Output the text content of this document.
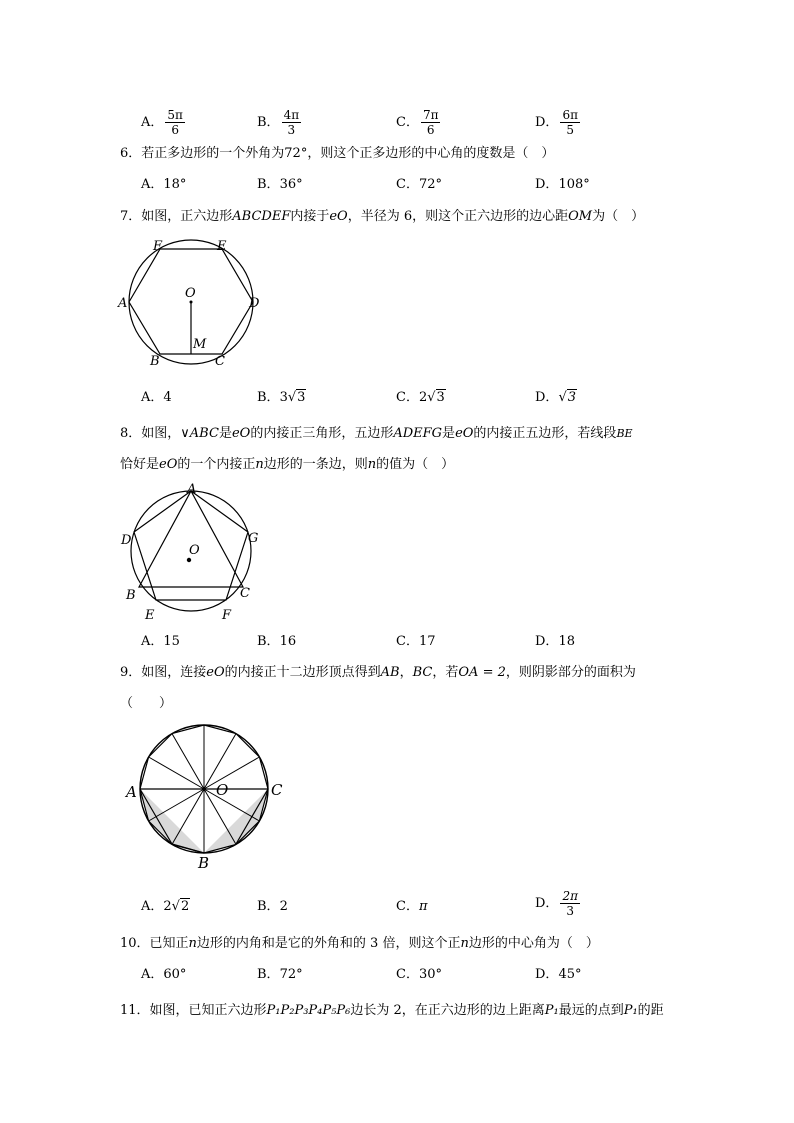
A． $\frac{5\pi}{6}$	B． $\frac{4\pi}{3}$	C． $\frac{7\pi}{6}$	D． $\frac{6\pi}{5}$
6．若正多边形的一个外角为72°，则这个正多边形的中心角的度数是（　）
A．18°	B．36°	C．72°	D．108°
7．如图，正六边形ABCDEF内接于eO，半径为 6，则这个正六边形的边心距OM为（　）
F	E
A
O
D
B
M
C
A．4	B．3√3	C．2√3	D．√3
8．如图，∨ABC是eO的内接正三角形，五边形ADEFG是eO的内接正五边形，若线段BE
恰好是eO的一个内接正n边形的一条边，则n的值为（　）
A
D	G
O
B	C
E	F
A．15	B．16	C．17	D．18
9．如图，连接eO的内接正十二边形顶点得到AB，BC，若OA = 2，则阴影部分的面积为
（　　）
A	O	C
B
A．2√2	B．2	C．π	D． $\frac{2\pi}{3}$
10．已知正n边形的内角和是它的外角和的 3 倍，则这个正n边形的中心角为（　）
A．60°	B．72°	C．30°	D．45°
11．如图，已知正六边形P₁P₂P₃P₄P₅P₆边长为 2，在正六边形的边上距离P₁最远的点到P₁的距
